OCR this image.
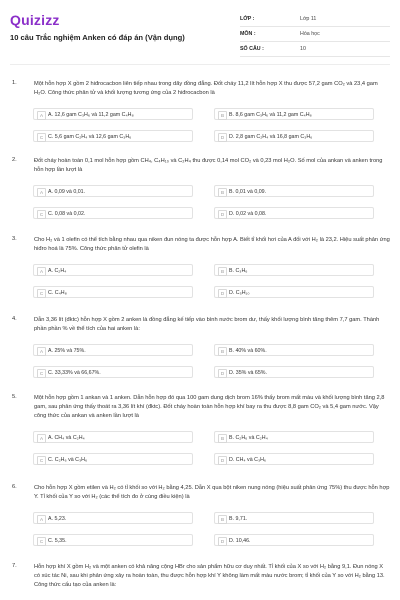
Quizizz
10 câu Trắc nghiệm Anken có đáp án (Vận dụng)
LỚP :	Lớp 11
MÔN :	Hóa học
SỐ CÂU :	10
1.	Một hỗn hợp X gồm 2 hiđrocacbon liên tiếp nhau trong dãy đồng đẳng. Đốt cháy 11,2 lít hỗn hợp X thu được 57,2 gam CO₂ và 23,4 gam H₂O. Công thức phân tử và khối lượng tương ứng của 2 hiđrocacbon là
A A. 12,6 gam C₃H₆ và 11,2 gam C₄H₈	B B. 8,6 gam C₃H₆ và 11,2 gam C₄H₈
C C. 5,6 gam C₂H₄ và 12,6 gam C₃H₆	D D. 2,8 gam C₂H₄ và 16,8 gam C₃H₆
2.	Đốt cháy hoàn toàn 0,1 mol hỗn hợp gồm CH₄, C₄H₁₀ và C₂H₄ thu được 0,14 mol CO₂ và 0,23 mol H₂O. Số mol của ankan và anken trong hỗn hợp lần lượt là
A A. 0,09 và 0,01.	B B. 0,01 và 0,09.
C C. 0,08 và 0,02.	D D. 0,02 và 0,08.
3.	Cho H₂ và 1 olefin có thể tích bằng nhau qua niken đun nóng ta được hỗn hợp A. Biết tỉ khối hơi của A đối với H₂ là 23,2. Hiệu suất phản ứng hiđro hoá là 75%. Công thức phân tử olefin là
A A. C₂H₄	B B. C₃H₆
C C. C₄H₈	D D. C₅H₁₀
4.	Dẫn 3,36 lít (đktc) hỗn hợp X gồm 2 anken là đồng đẳng kế tiếp vào bình nước brom dư, thấy khối lượng bình tăng thêm 7,7 gam. Thành phần phần % về thể tích của hai anken là:
A A. 25% và 75%.	B B. 40% và 60%.
C C. 33,33% và 66,67%.	D D. 35% và 65%.
5.	Một hỗn hợp gồm 1 ankan và 1 anken. Dẫn hỗn hợp đó qua 100 gam dung dịch brom 16% thấy brom mất màu và khối lượng bình tăng 2,8 gam, sau phản ứng thấy thoát ra 3,36 lít khí (đktc). Đốt cháy hoàn toàn hỗn hợp khí bay ra thu được 8,8 gam CO₂ và 5,4 gam nước. Vậy công thức của ankan và anken lần lượt là
A A. CH₄ và C₂H₄	B B. C₂H₆ và C₂H₄
C C. C₂H₆ và C₃H₆	D D. CH₄ và C₃H₆
6.	Cho hỗn hợp X gồm etilen và H₂ có tỉ khối so với H₂ bằng 4,25. Dẫn X qua bột niken nung nóng (hiệu suất phản ứng 75%) thu được hỗn hợp Y. Tỉ khối của Y so với H₂ (các thể tích đo ở cùng điều kiện) là
A A. 5,23.	B B. 9,71.
C C. 5,35.	D D. 10,46.
7.	Hỗn hợp khí X gồm H₂ và một anken có khả năng cộng HBr cho sản phẩm hữu cơ duy nhất. Tỉ khối của X so với H₂ bằng 9,1. Đun nóng X có xúc tác Ni, sau khi phản ứng xảy ra hoàn toàn, thu được hỗn hợp khí Y không làm mất màu nước brom; tỉ khối của Y so với H₂ bằng 13. Công thức cấu tạo của anken là:
